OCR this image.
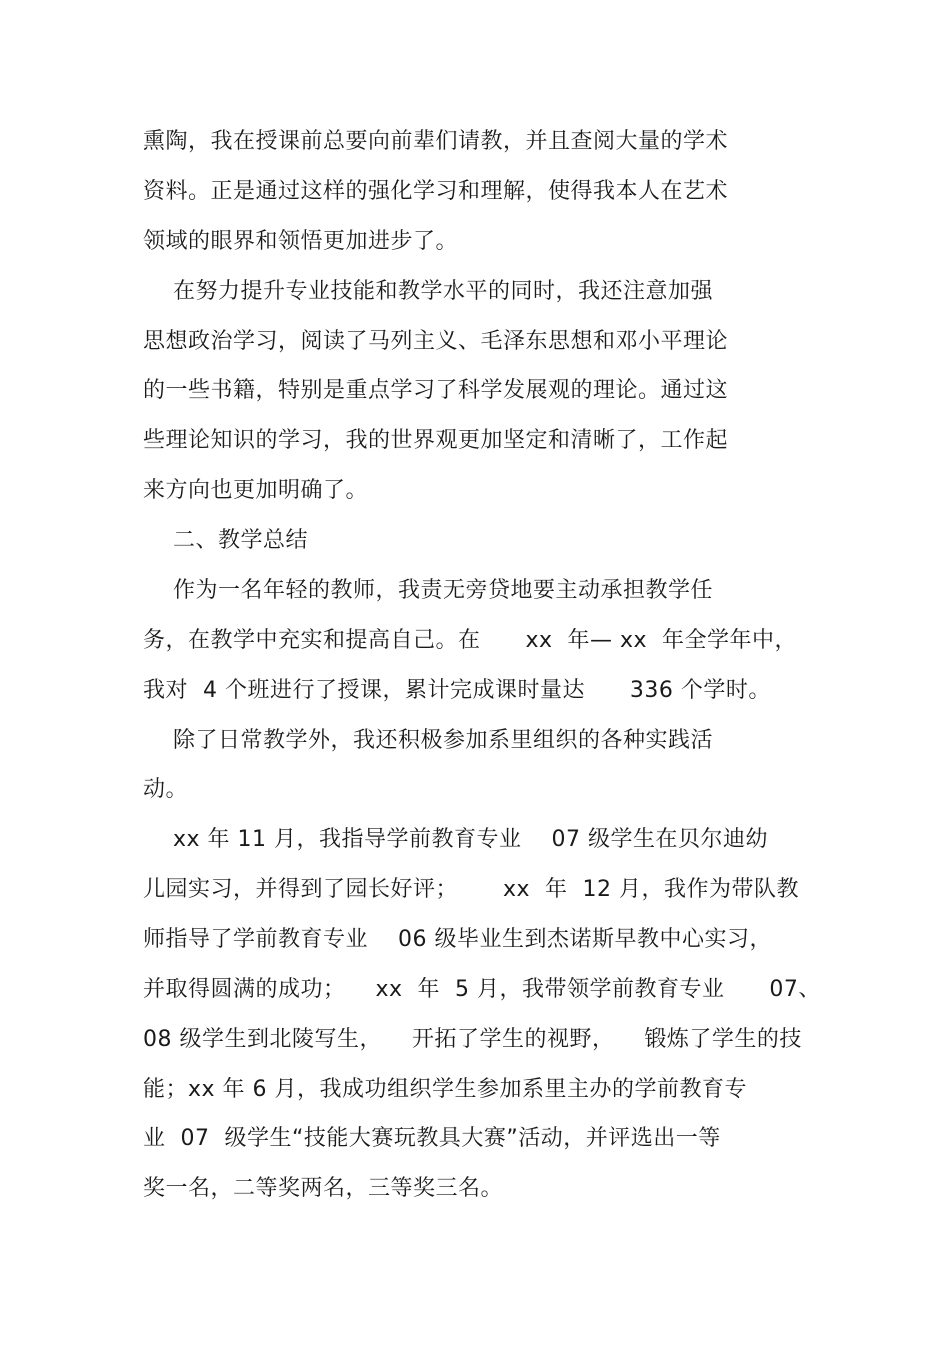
熏陶，我在授课前总要向前辈们请教，并且查阅大量的学术
资料。正是通过这样的强化学习和理解，使得我本人在艺术
领域的眼界和领悟更加进步了。
在努力提升专业技能和教学水平的同时，我还注意加强
思想政治学习，阅读了马列主义、毛泽东思想和邓小平理论
的一些书籍，特别是重点学习了科学发展观的理论。通过这
些理论知识的学习，我的世界观更加坚定和清晰了，工作起
来方向也更加明确了。
二、教学总结
作为一名年轻的教师，我责无旁贷地要主动承担教学任
务，在教学中充实和提高自己。在      xx  年— xx  年全学年中，
我对  4 个班进行了授课，累计完成课时量达      336 个学时。
除了日常教学外，我还积极参加系里组织的各种实践活
动。
xx 年 11 月，我指导学前教育专业    07 级学生在贝尔迪幼
儿园实习，并得到了园长好评；      xx  年  12 月，我作为带队教
师指导了学前教育专业    06 级毕业生到杰诺斯早教中心实习，
并取得圆满的成功；    xx  年  5 月，我带领学前教育专业      07、
08 级学生到北陵写生，    开拓了学生的视野，    锻炼了学生的技
能；xx 年 6 月，我成功组织学生参加系里主办的学前教育专
业  07  级学生“技能大赛玩教具大赛”活动，并评选出一等
奖一名，二等奖两名，三等奖三名。
